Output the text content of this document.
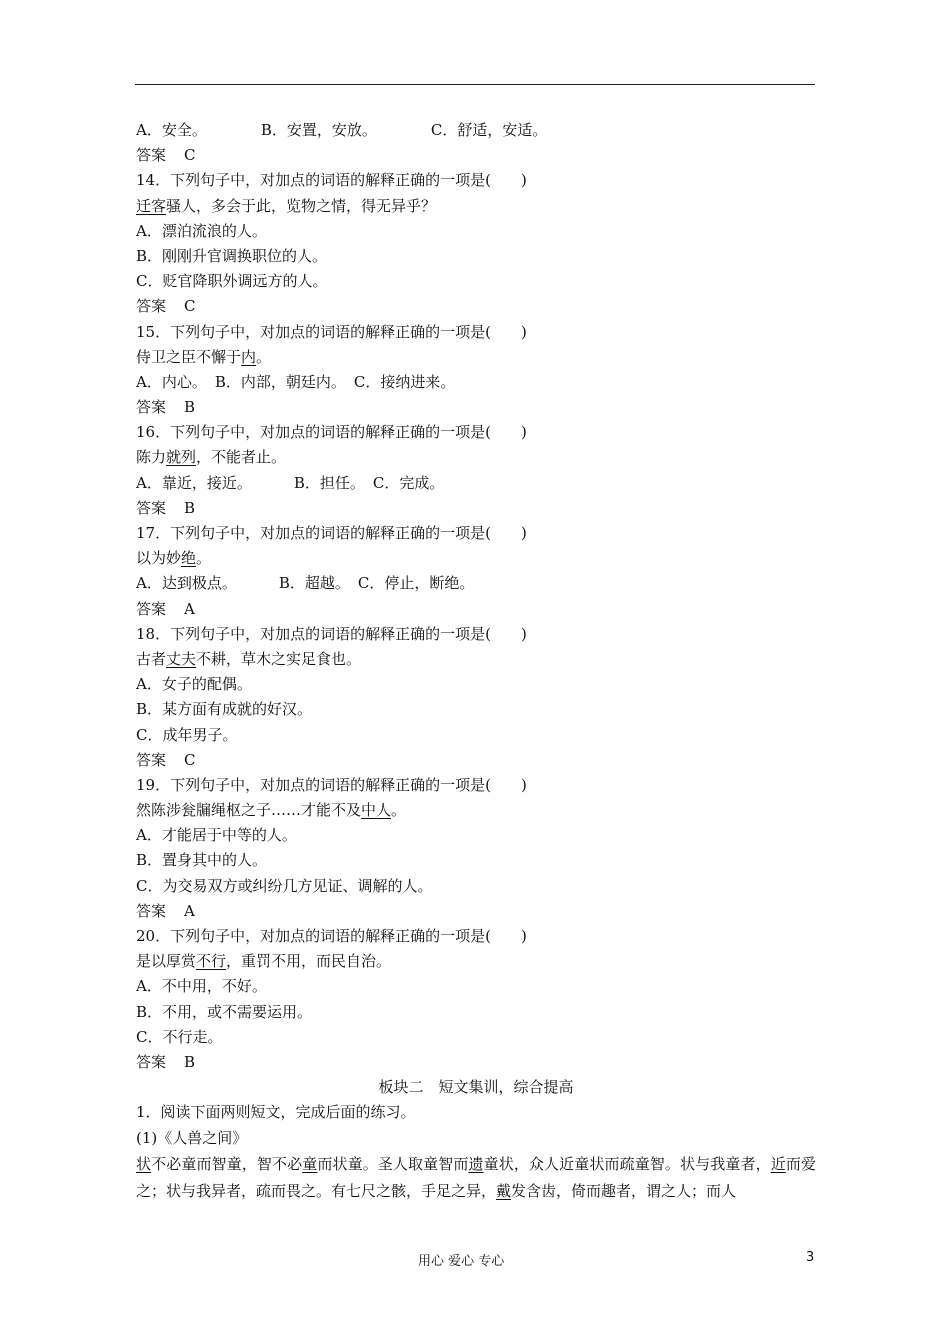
A．安全。	B．安置，安放。	C．舒适，安适。
答案 C
14．下列句子中，对加点的词语的解释正确的一项是(　　)
迁客骚人，多会于此，览物之情，得无异乎？
A．漂泊流浪的人。
B．刚刚升官调换职位的人。
C．贬官降职外调远方的人。
答案 C
15．下列句子中，对加点的词语的解释正确的一项是(　　)
侍卫之臣不懈于内。
A．内心。 B．内部，朝廷内。 C．接纳进来。
答案 B
16．下列句子中，对加点的词语的解释正确的一项是(　　)
陈力就列，不能者止。
A．靠近，接近。	B．担任。 C．完成。
答案 B
17．下列句子中，对加点的词语的解释正确的一项是(　　)
以为妙绝。
A．达到极点。	B．超越。 C．停止，断绝。
答案 A
18．下列句子中，对加点的词语的解释正确的一项是(　　)
古者丈夫不耕，草木之实足食也。
A．女子的配偶。
B．某方面有成就的好汉。
C．成年男子。
答案 C
19．下列句子中，对加点的词语的解释正确的一项是(　　)
然陈涉瓮牖绳枢之子……才能不及中人。
A．才能居于中等的人。
B．置身其中的人。
C．为交易双方或纠纷几方见证、调解的人。
答案 A
20．下列句子中，对加点的词语的解释正确的一项是(　　)
是以厚赏不行，重罚不用，而民自治。
A．不中用，不好。
B．不用，或不需要运用。
C．不行走。
答案 B
板块二　短文集训，综合提高
1．阅读下面两则短文，完成后面的练习。
(1)《人兽之间》
状不必童而智童，智不必童而状童。圣人取童智而遗童状，众人近童状而疏童智。状与我童者，近而爱之；状与我异者，疏而畏之。有七尺之骸，手足之异，戴发含齿，倚而趣者，谓之人；而人
用心 爱心 专心	3
